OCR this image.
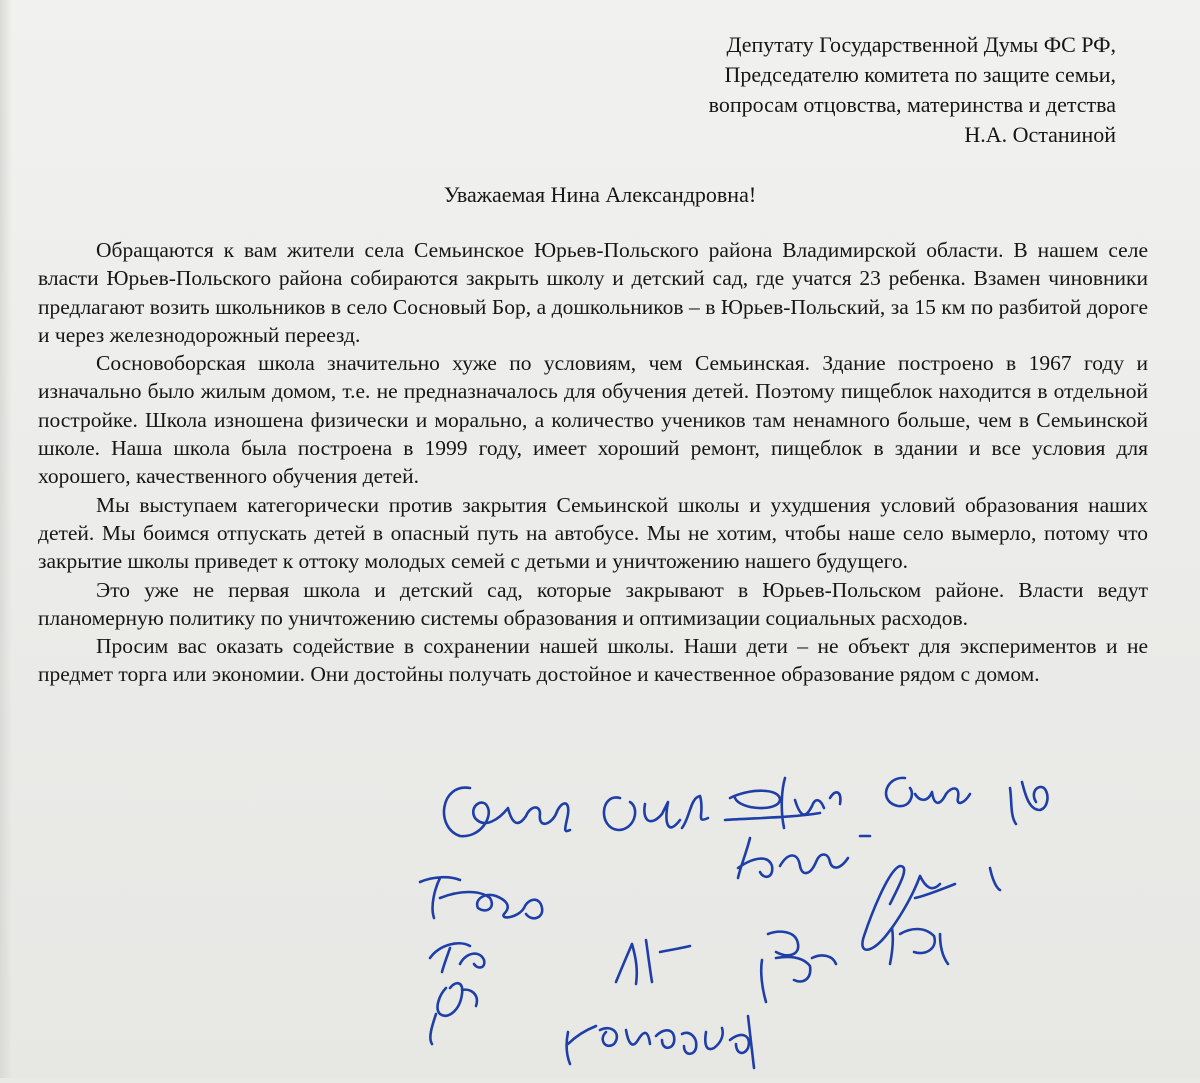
Депутату Государственной Думы ФС РФ,
Председателю комитета по защите семьи,
вопросам отцовства, материнства и детства
Н.А. Останиной
Уважаемая Нина Александровна!

Обращаются к вам жители села Семьинское Юрьев-Польского района Владимирской области. В нашем селе власти Юрьев-Польского района собираются закрыть школу и детский сад, где учатся 23 ребенка. Взамен чиновники предлагают возить школьников в село Сосновый Бор, а дошкольников – в Юрьев-Польский, за 15 км по разбитой дороге и через железнодорожный переезд.

Сосновоборская школа значительно хуже по условиям, чем Семьинская. Здание построено в 1967 году и изначально было жилым домом, т.е. не предназначалось для обучения детей. Поэтому пищеблок находится в отдельной постройке. Школа изношена физически и морально, а количество учеников там ненамного больше, чем в Семьинской школе. Наша школа была построена в 1999 году, имеет хороший ремонт, пищеблок в здании и все условия для хорошего, качественного обучения детей.

Мы выступаем категорически против закрытия Семьинской школы и ухудшения условий образования наших детей. Мы боимся отпускать детей в опасный путь на автобусе. Мы не хотим, чтобы наше село вымерло, потому что закрытие школы приведет к оттоку молодых семей с детьми и уничтожению нашего будущего.

Это уже не первая школа и детский сад, которые закрывают в Юрьев-Польском районе. Власти ведут планомерную политику по уничтожению системы образования и оптимизации социальных расходов.

Просим вас оказать содействие в сохранении нашей школы. Наши дети – не объект для экспериментов и не предмет торга или экономии. Они достойны получать достойное и качественное образование рядом с домом.
